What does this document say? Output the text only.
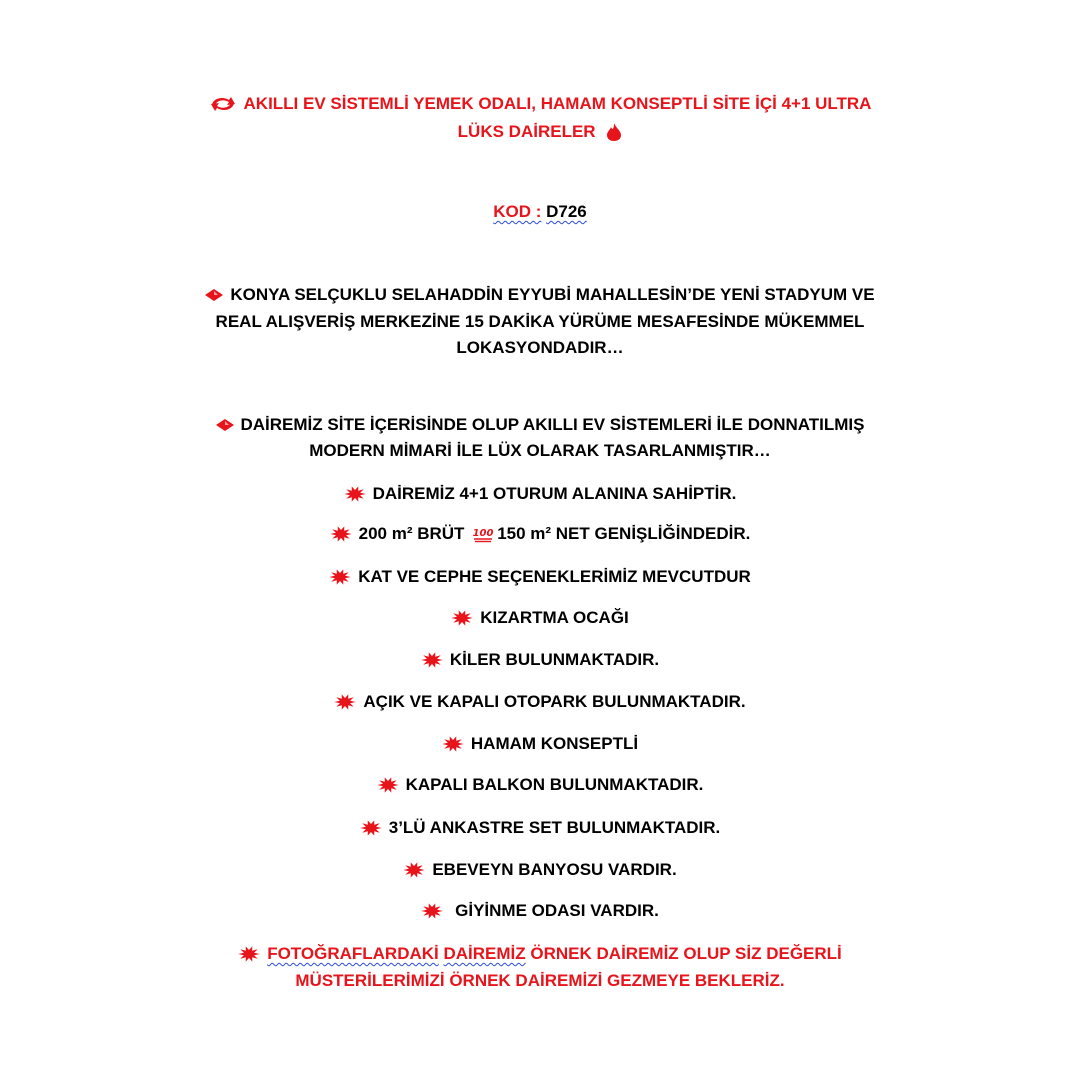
AKILLI EV SİSTEMLİ YEMEK ODALI, HAMAM KONSEPTLİ SİTE İÇİ 4+1 ULTRA
LÜKS DAİRELER
KOD : D726
KONYA SELÇUKLU SELAHADDİN EYYUBİ MAHALLESİN’DE YENİ STADYUM VE
REAL ALIŞVERİŞ MERKEZİNE 15 DAKİKA YÜRÜME MESAFESİNDE MÜKEMMEL
LOKASYONDADIR…
DAİREMİZ SİTE İÇERİSİNDE OLUP AKILLI EV SİSTEMLERİ İLE DONNATILMIŞ
MODERN MİMARİ İLE LÜX OLARAK TASARLANMIŞTIR…
DAİREMİZ 4+1 OTURUM ALANINA SAHİPTİR.
200 m² BRÜT 100 150 m² NET GENİŞLİĞİNDEDİR.
KAT VE CEPHE SEÇENEKLERİMİZ MEVCUTDUR
KIZARTMA OCAĞI
KİLER BULUNMAKTADIR.
AÇIK VE KAPALI OTOPARK BULUNMAKTADIR.
HAMAM KONSEPTLİ
KAPALI BALKON BULUNMAKTADIR.
3’LÜ ANKASTRE SET BULUNMAKTADIR.
EBEVEYN BANYOSU VARDIR.
GİYİNME ODASI VARDIR.
FOTOĞRAFLARDAKİ DAİREMİZ ÖRNEK DAİREMİZ OLUP SİZ DEĞERLİ
MÜSTERİLERİMİZİ ÖRNEK DAİREMİZİ GEZMEYE BEKLERİZ.
